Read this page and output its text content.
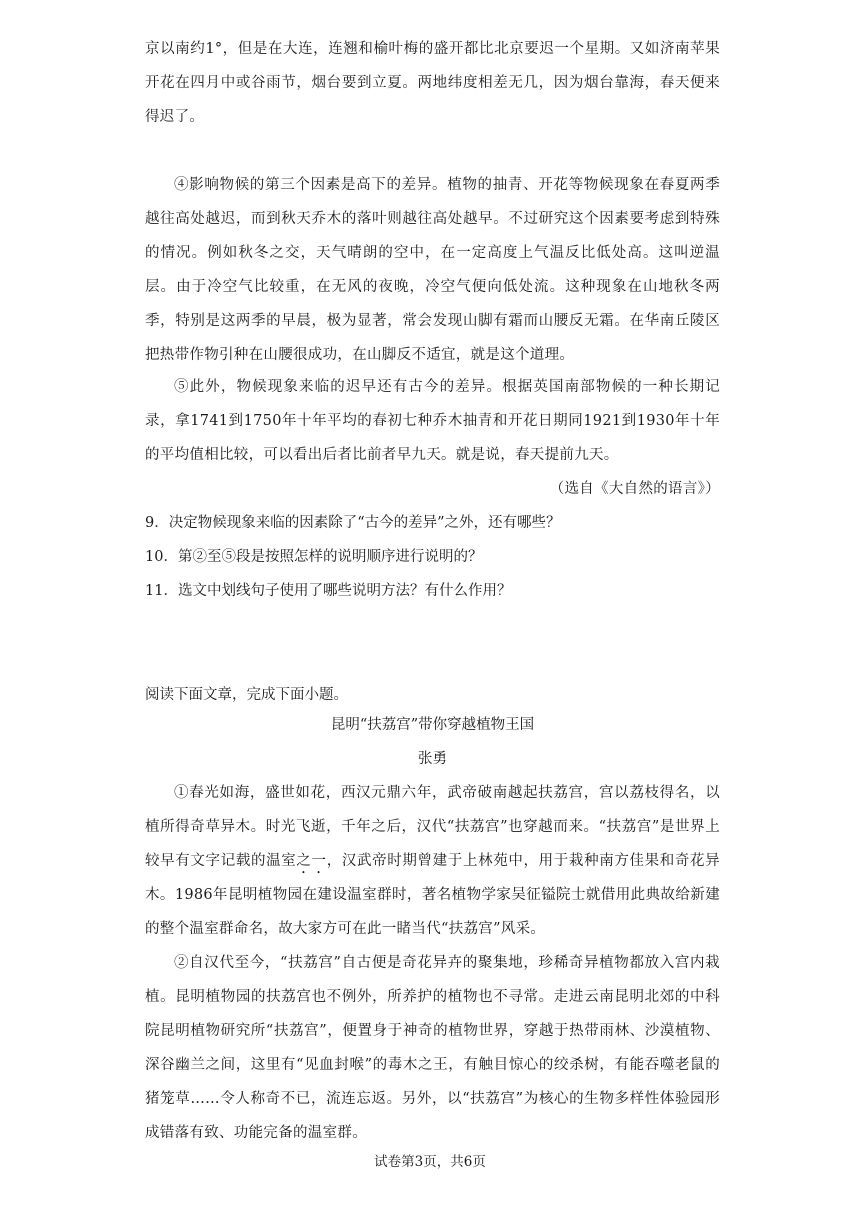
京以南约1°，但是在大连，连翘和榆叶梅的盛开都比北京要迟一个星期。又如济南苹果开花在四月中或谷雨节，烟台要到立夏。两地纬度相差无几，因为烟台靠海，春天便来得迟了。

④影响物候的第三个因素是高下的差异。植物的抽青、开花等物候现象在春夏两季越往高处越迟，而到秋天乔木的落叶则越往高处越早。不过研究这个因素要考虑到特殊的情况。例如秋冬之交，天气晴朗的空中，在一定高度上气温反比低处高。这叫逆温层。由于冷空气比较重，在无风的夜晚，冷空气便向低处流。这种现象在山地秋冬两季，特别是这两季的早晨，极为显著，常会发现山脚有霜而山腰反无霜。在华南丘陵区把热带作物引种在山腰很成功，在山脚反不适宜，就是这个道理。

⑤此外，物候现象来临的迟早还有古今的差异。根据英国南部物候的一种长期记录，拿1741到1750年十年平均的春初七种乔木抽青和开花日期同1921到1930年十年的平均值相比较，可以看出后者比前者早九天。就是说，春天提前九天。

（选自《大自然的语言》）

9．决定物候现象来临的因素除了“古今的差异”之外，还有哪些？

10．第②至⑤段是按照怎样的说明顺序进行说明的？

11．选文中划线句子使用了哪些说明方法？有什么作用？

阅读下面文章，完成下面小题。

昆明“扶荔宫”带你穿越植物王国

张勇

①春光如海，盛世如花，西汉元鼎六年，武帝破南越起扶荔宫，宫以荔枝得名，以植所得奇草异木。时光飞逝，千年之后，汉代“扶荔宫”也穿越而来。“扶荔宫”是世界上较早有文字记载的温室之一，汉武帝时期曾建于上林苑中，用于栽种南方佳果和奇花异木。1986年昆明植物园在建设温室群时，著名植物学家吴征镒院士就借用此典故给新建的整个温室群命名，故大家方可在此一睹当代“扶荔宫”风采。

②自汉代至今，“扶荔宫”自古便是奇花异卉的聚集地，珍稀奇异植物都放入宫内栽植。昆明植物园的扶荔宫也不例外，所养护的植物也不寻常。走进云南昆明北郊的中科院昆明植物研究所“扶荔宫”，便置身于神奇的植物世界，穿越于热带雨林、沙漠植物、深谷幽兰之间，这里有“见血封喉”的毒木之王，有触目惊心的绞杀树，有能吞噬老鼠的猪笼草……令人称奇不已，流连忘返。另外，以“扶荔宫”为核心的生物多样性体验园形成错落有致、功能完备的温室群。

试卷第3页，共6页
